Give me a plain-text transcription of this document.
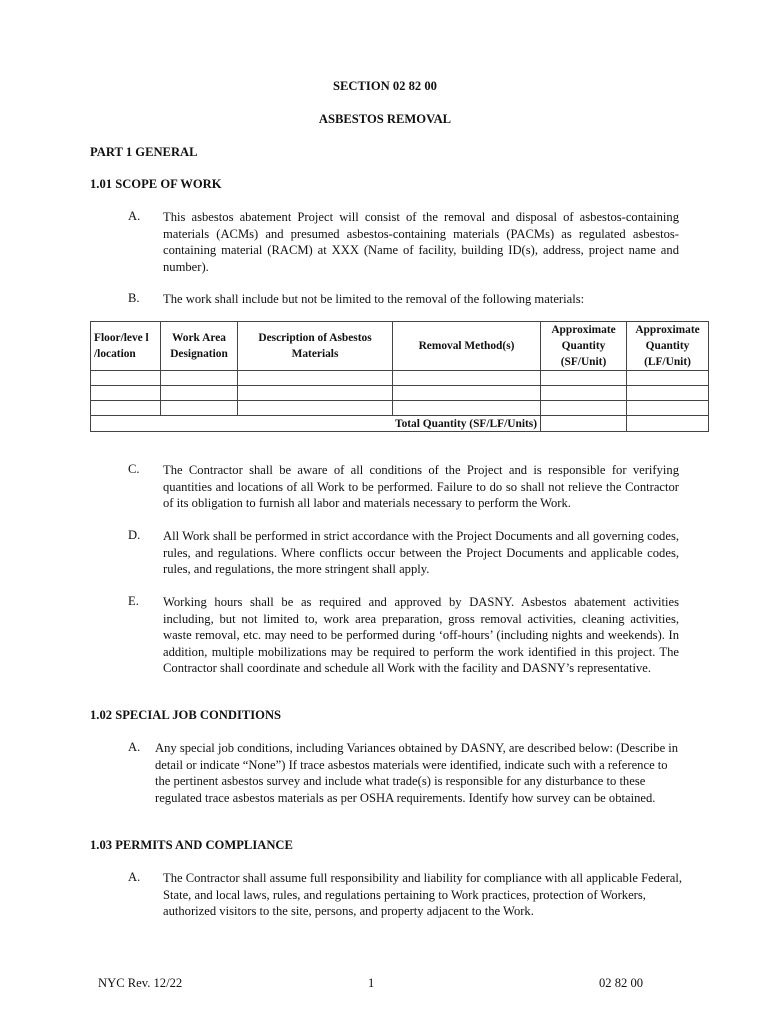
SECTION 02 82 00
ASBESTOS REMOVAL
PART 1 GENERAL
1.01 SCOPE OF WORK
A. This asbestos abatement Project will consist of the removal and disposal of asbestos-containing materials (ACMs) and presumed asbestos-containing materials (PACMs) as regulated asbestos-containing material (RACM) at XXX (Name of facility, building ID(s), address, project name and number).
B. The work shall include but not be limited to the removal of the following materials:
Floor/leve l /location	Work Area Designation	Description of Asbestos Materials	Removal Method(s)	Approximate Quantity (SF/Unit)	Approximate Quantity (LF/Unit)

Total Quantity (SF/LF/Units)					
C. The Contractor shall be aware of all conditions of the Project and is responsible for verifying quantities and locations of all Work to be performed. Failure to do so shall not relieve the Contractor of its obligation to furnish all labor and materials necessary to perform the Work.
D. All Work shall be performed in strict accordance with the Project Documents and all governing codes, rules, and regulations. Where conflicts occur between the Project Documents and applicable codes, rules, and regulations, the more stringent shall apply.
E. Working hours shall be as required and approved by DASNY. Asbestos abatement activities including, but not limited to, work area preparation, gross removal activities, cleaning activities, waste removal, etc. may need to be performed during ‘off-hours’ (including nights and weekends). In addition, multiple mobilizations may be required to perform the work identified in this project. The Contractor shall coordinate and schedule all Work with the facility and DASNY’s representative.
1.02 SPECIAL JOB CONDITIONS
A. Any special job conditions, including Variances obtained by DASNY, are described below: (Describe in detail or indicate “None”) If trace asbestos materials were identified, indicate such with a reference to the pertinent asbestos survey and include what trade(s) is responsible for any disturbance to these regulated trace asbestos materials as per OSHA requirements. Identify how survey can be obtained.
1.03 PERMITS AND COMPLIANCE
A. The Contractor shall assume full responsibility and liability for compliance with all applicable Federal, State, and local laws, rules, and regulations pertaining to Work practices, protection of Workers, authorized visitors to the site, persons, and property adjacent to the Work.
NYC Rev. 12/22	1	02 82 00
